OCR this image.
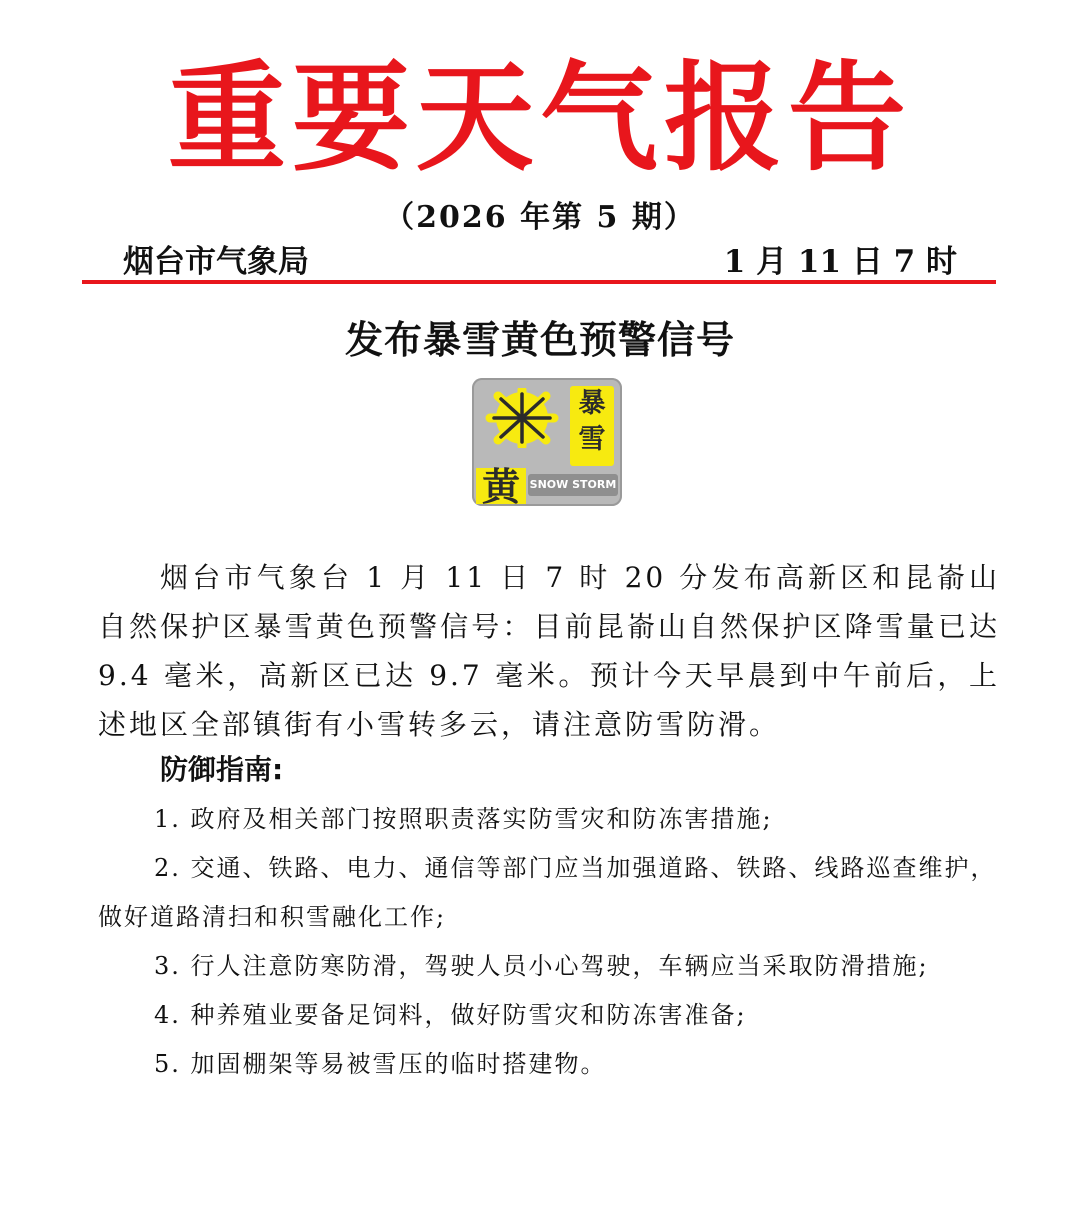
重要天气报告
（2026 年第 5 期）
烟台市气象局	1 月 11 日 7 时
发布暴雪黄色预警信号
暴
雪
黄 SNOW STORM
烟台市气象台 1 月 11 日 7 时 20 分发布高新区和昆嵛山自然保护区暴雪黄色预警信号：目前昆嵛山自然保护区降雪量已达 9.4 毫米，高新区已达 9.7 毫米。预计今天早晨到中午前后，上述地区全部镇街有小雪转多云，请注意防雪防滑。
防御指南:
1. 政府及相关部门按照职责落实防雪灾和防冻害措施;
2. 交通、铁路、电力、通信等部门应当加强道路、铁路、线路巡查维护，做好道路清扫和积雪融化工作;
3. 行人注意防寒防滑，驾驶人员小心驾驶，车辆应当采取防滑措施;
4. 种养殖业要备足饲料，做好防雪灾和防冻害准备;
5. 加固棚架等易被雪压的临时搭建物。
